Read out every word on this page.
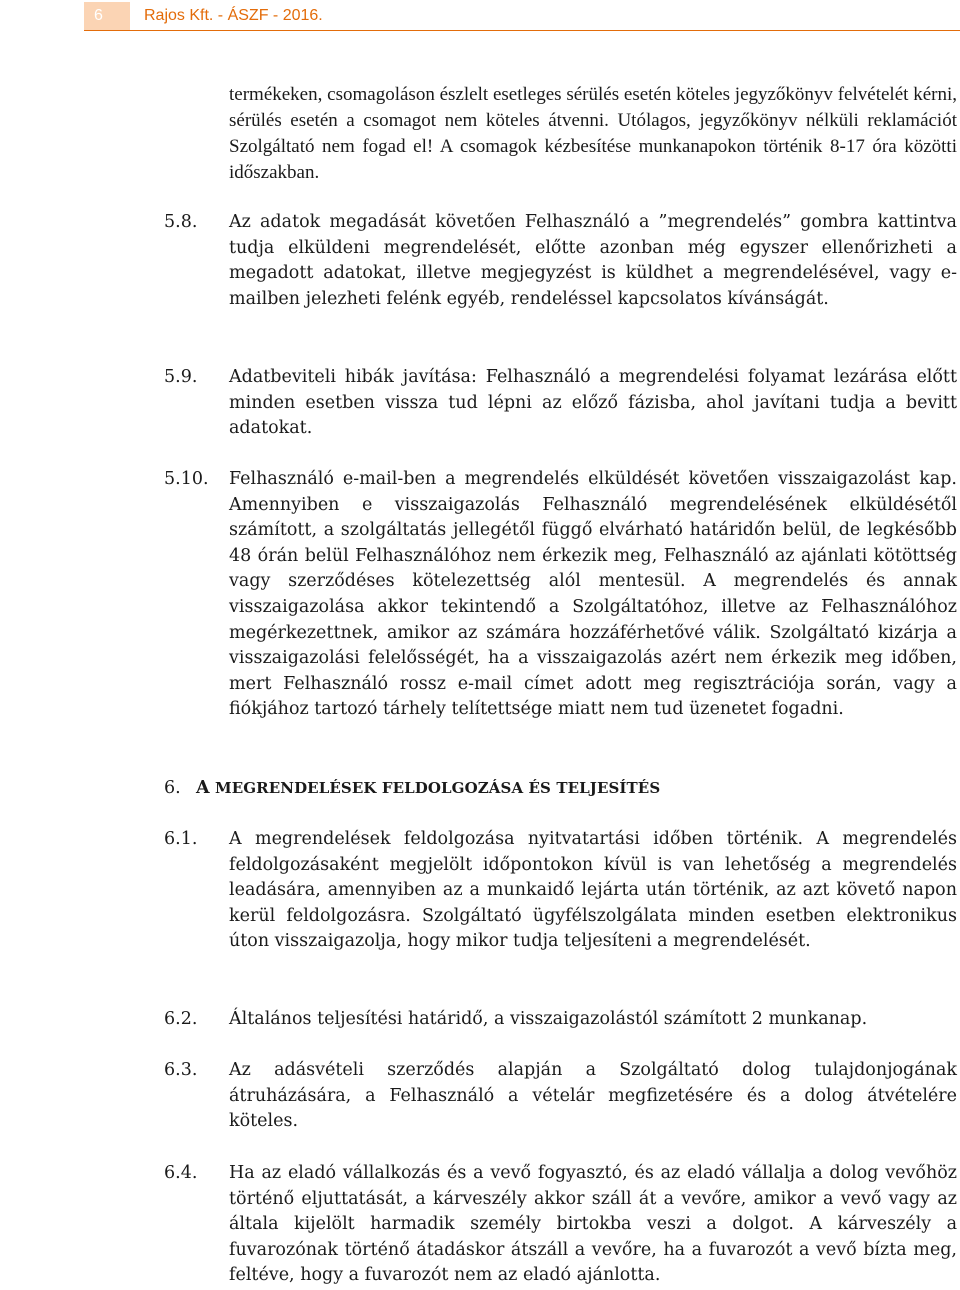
6	Rajos Kft. - ÁSZF - 2016.
termékeken, csomagoláson észlelt esetleges sérülés esetén köteles jegyzőkönyv felvételét kérni, sérülés esetén a csomagot nem köteles átvenni. Utólagos, jegyzőkönyv nélküli reklamációt Szolgáltató nem fogad el! A csomagok kézbesítése munkanapokon történik 8-17 óra közötti időszakban.
5.8. Az adatok megadását követően Felhasználó a ”megrendelés” gombra kattintva tudja elküldeni megrendelését, előtte azonban még egyszer ellenőrizheti a megadott adatokat, illetve megjegyzést is küldhet a megrendelésével, vagy e-mailben jelezheti felénk egyéb, rendeléssel kapcsolatos kívánságát.
5.9. Adatbeviteli hibák javítása: Felhasználó a megrendelési folyamat lezárása előtt minden esetben vissza tud lépni az előző fázisba, ahol javítani tudja a bevitt adatokat.
5.10. Felhasználó e-mail-ben a megrendelés elküldését követően visszaigazolást kap. Amennyiben e visszaigazolás Felhasználó megrendelésének elküldésétől számított, a szolgáltatás jellegétől függő elvárható határidőn belül, de legkésőbb 48 órán belül Felhasználóhoz nem érkezik meg, Felhasználó az ajánlati kötöttség vagy szerződéses kötelezettség alól mentesül. A megrendelés és annak visszaigazolása akkor tekintendő a Szolgáltatóhoz, illetve az Felhasználóhoz megérkezettnek, amikor az számára hozzáférhetővé válik. Szolgáltató kizárja a visszaigazolási felelősségét, ha a visszaigazolás azért nem érkezik meg időben, mert Felhasználó rossz e-mail címet adott meg regisztrációja során, vagy a fiókjához tartozó tárhely telítettsége miatt nem tud üzenetet fogadni.
6. A MEGRENDELÉSEK FELDOLGOZÁSA ÉS TELJESÍTÉS
6.1. A megrendelések feldolgozása nyitvatartási időben történik. A megrendelés feldolgozásaként megjelölt időpontokon kívül is van lehetőség a megrendelés leadására, amennyiben az a munkaidő lejárta után történik, az azt követő napon kerül feldolgozásra. Szolgáltató ügyfélszolgálata minden esetben elektronikus úton visszaigazolja, hogy mikor tudja teljesíteni a megrendelését.
6.2. Általános teljesítési határidő, a visszaigazolástól számított 2 munkanap.
6.3. Az adásvételi szerződés alapján a Szolgáltató dolog tulajdonjogának átruházására, a Felhasználó a vételár megfizetésére és a dolog átvételére köteles.
6.4. Ha az eladó vállalkozás és a vevő fogyasztó, és az eladó vállalja a dolog vevőhöz történő eljuttatását, a kárveszély akkor száll át a vevőre, amikor a vevő vagy az általa kijelölt harmadik személy birtokba veszi a dolgot. A kárveszély a fuvarozónak történő átadáskor átszáll a vevőre, ha a fuvarozót a vevő bízta meg, feltéve, hogy a fuvarozót nem az eladó ajánlotta.
